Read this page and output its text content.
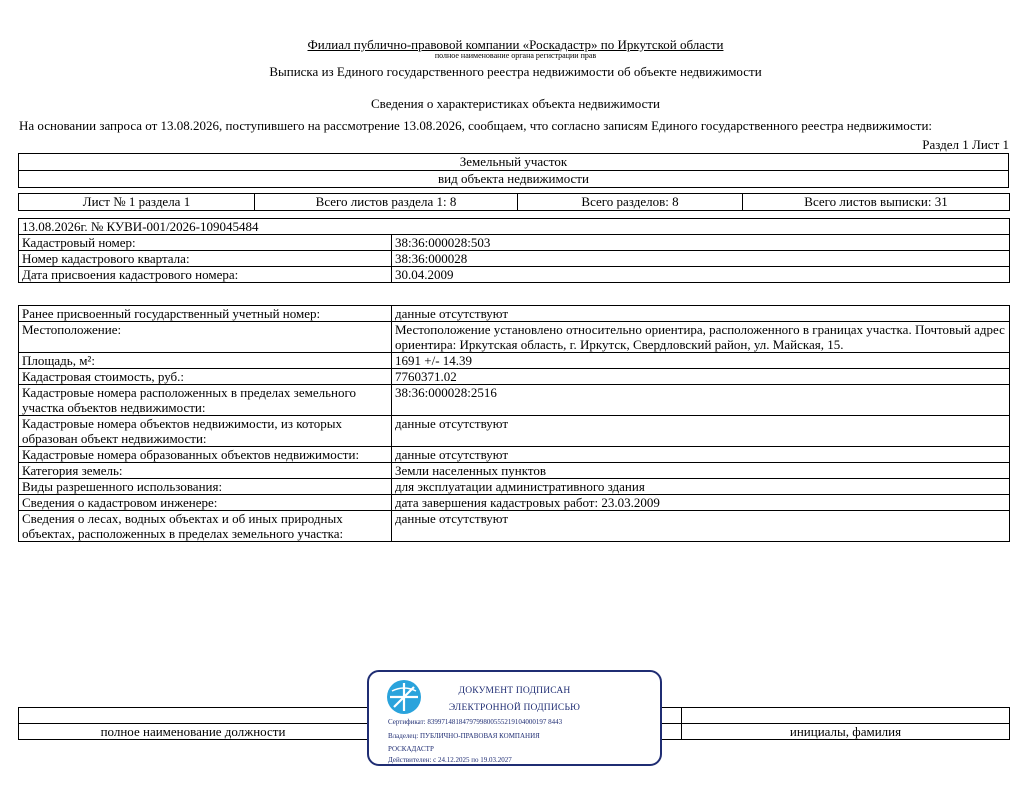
Филиал публично-правовой компании «Роскадастр» по Иркутской области
полное наименование органа регистрации прав
Выписка из Единого государственного реестра недвижимости об объекте недвижимости
Сведения о характеристиках объекта недвижимости
На основании запроса от 13.08.2026, поступившего на рассмотрение 13.08.2026, сообщаем, что согласно записям Единого государственного реестра недвижимости:
Раздел 1 Лист 1
Земельный участок
вид объекта недвижимости
Лист № 1 раздела 1	Всего листов раздела 1: 8	Всего разделов: 8	Всего листов выписки: 31
13.08.2026г. № КУВИ-001/2026-109045484	
Кадастровый номер:	38:36:000028:503
Номер кадастрового квартала:	38:36:000028
Дата присвоения кадастрового номера:	30.04.2009
Ранее присвоенный государственный учетный номер:	данные отсутствуют
Местоположение:	Местоположение установлено относительно ориентира, расположенного в границах участка. Почтовый адрес ориентира: Иркутская область, г. Иркутск, Свердловский район, ул. Майская, 15.
Площадь, м²:	1691 +/- 14.39
Кадастровая стоимость, руб.:	7760371.02
Кадастровые номера расположенных в пределах земельного участка объектов недвижимости:	38:36:000028:2516
Кадастровые номера объектов недвижимости, из которых образован объект недвижимости:	данные отсутствуют
Кадастровые номера образованных объектов недвижимости:	данные отсутствуют
Категория земель:	Земли населенных пунктов
Виды разрешенного использования:	для эксплуатации административного здания
Сведения о кадастровом инженере:	дата завершения кадастровых работ: 23.03.2009
Сведения о лесах, водных объектах и об иных природных объектах, расположенных в пределах земельного участка:	данные отсутствуют

полное наименование должности		инициалы, фамилия
ДОКУМЕНТ ПОДПИСАН
ЭЛЕКТРОННОЙ ПОДПИСЬЮ
Сертификат: 8399714818479799800555219104000197 8443
Владелец: ПУБЛИЧНО-ПРАВОВАЯ КОМПАНИЯ
РОСКАДАСТР
Действителен: с 24.12.2025 по 19.03.2027
